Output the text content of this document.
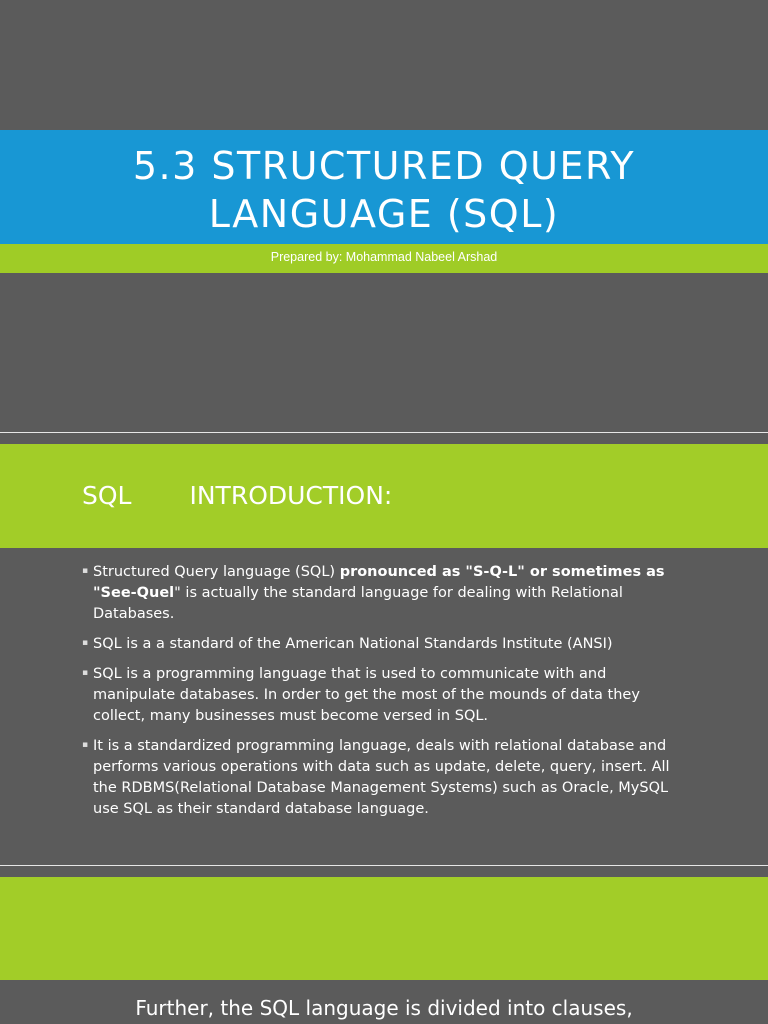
5.3 STRUCTURED QUERY
LANGUAGE (SQL)
Prepared by: Mohammad Nabeel Arshad
SQL INTRODUCTION:
▪ Structured Query language (SQL) pronounced as "S-Q-L" or sometimes as "See-Quel" is actually the standard language for dealing with Relational Databases.
▪ SQL is a a standard of the American National Standards Institute (ANSI)
▪ SQL is a programming language that is used to communicate with and manipulate databases. In order to get the most of the mounds of data they collect, many businesses must become versed in SQL.
▪ It is a standardized programming language, deals with relational database and performs various operations with data such as update, delete, query, insert. All the RDBMS(Relational Database Management Systems) such as Oracle, MySQL use SQL as their standard database language.
Further, the SQL language is divided into clauses,
